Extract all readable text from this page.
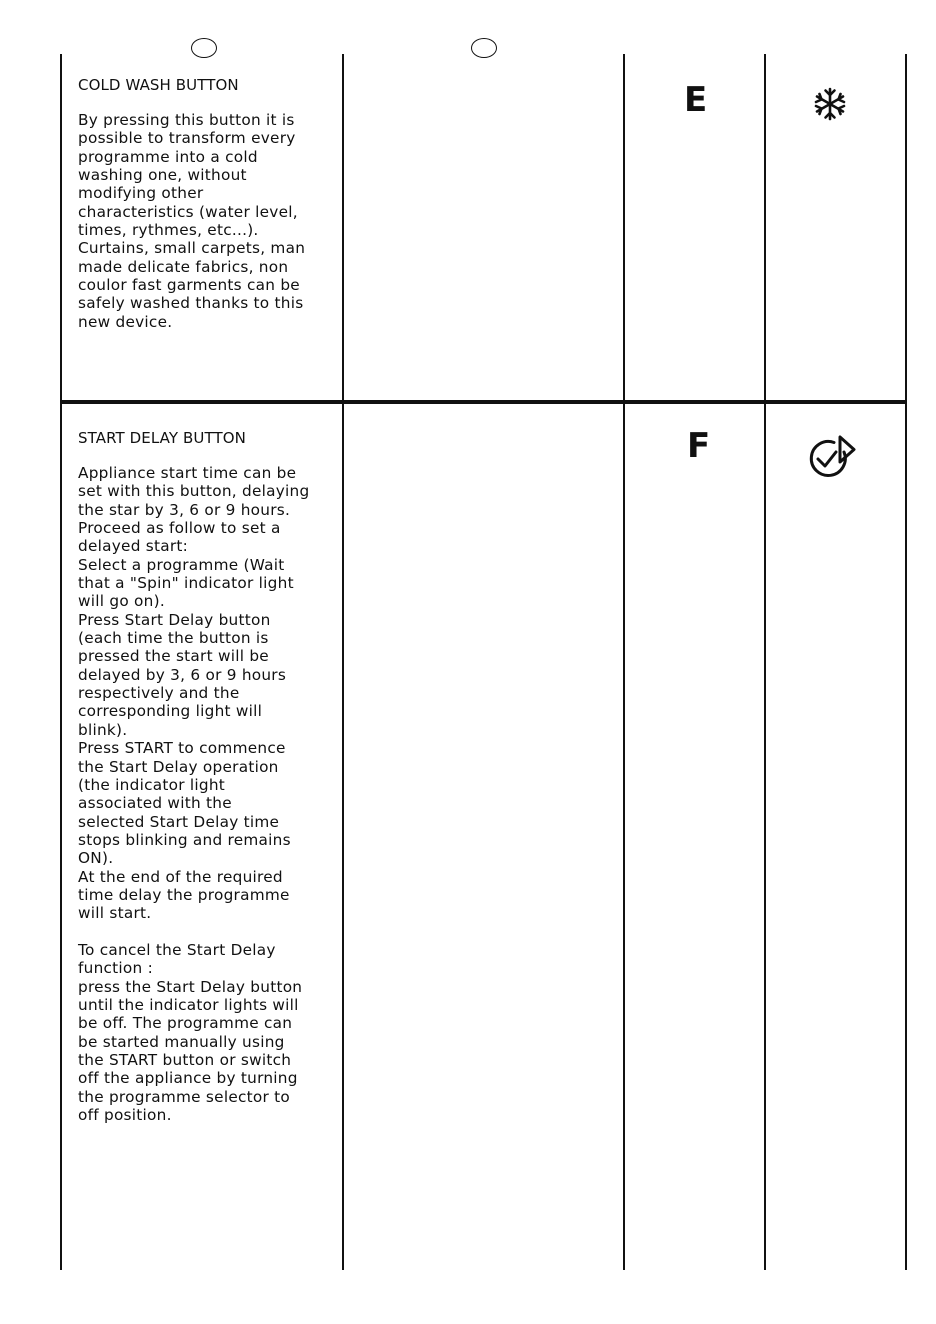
COLD WASH BUTTON
By pressing this button it is
possible to transform every
programme into a cold
washing one, without
modifying other
characteristics (water level,
times, rythmes, etc...).
Curtains, small carpets, man
made delicate fabrics, non
coulor fast garments can be
safely washed thanks to this
new device.
E
START DELAY BUTTON
Appliance start time can be
set with this button, delaying
the star by 3, 6 or 9 hours.
Proceed as follow to set a
delayed start:
Select a programme (Wait
that a "Spin" indicator light
will go on).
Press Start Delay button
(each time the button is
pressed the start will be
delayed by 3, 6 or 9 hours
respectively and the
corresponding light will
blink).
Press START to commence
the Start Delay operation
(the indicator light
associated with the
selected Start Delay time
stops blinking and remains
ON).
At the end of the required
time delay the programme
will start.
To cancel the Start Delay
function :
press the Start Delay button
until the indicator lights will
be off. The programme can
be started manually using
the START button or switch
off the appliance by turning
the programme selector to
off position.
F
